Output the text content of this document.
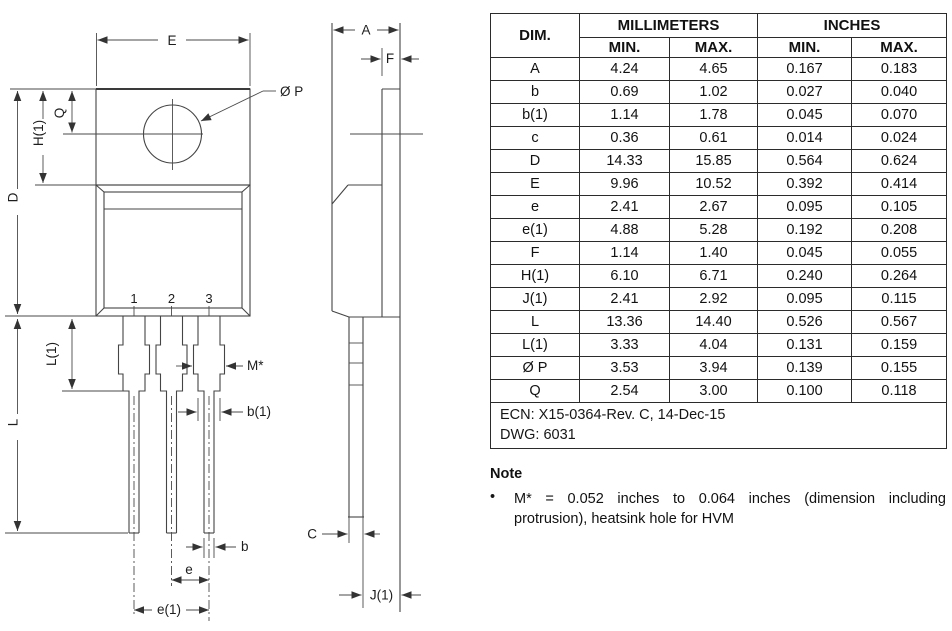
1 2 3
E
Q
H(1)
D
L(1)
L
M*
b(1)
b
e
e(1)
Ø P
A
F
C
J(1)
DIM.	MILLIMETERS		INCHES	
	MIN.	MAX.	MIN.	MAX.
A	4.24	4.65	0.167	0.183
b	0.69	1.02	0.027	0.040
b(1)	1.14	1.78	0.045	0.070
c	0.36	0.61	0.014	0.024
D	14.33	15.85	0.564	0.624
E	9.96	10.52	0.392	0.414
e	2.41	2.67	0.095	0.105
e(1)	4.88	5.28	0.192	0.208
F	1.14	1.40	0.045	0.055
H(1)	6.10	6.71	0.240	0.264
J(1)	2.41	2.92	0.095	0.115
L	13.36	14.40	0.526	0.567
L(1)	3.33	4.04	0.131	0.159
Ø P	3.53	3.94	0.139	0.155
Q	2.54	3.00	0.100	0.118

ECN: X15-0364-Rev. C, 14-Dec-15
DWG: 6031				
Note
•	M* = 0.052 inches to 0.064 inches (dimension including protrusion), heatsink hole for HVM
